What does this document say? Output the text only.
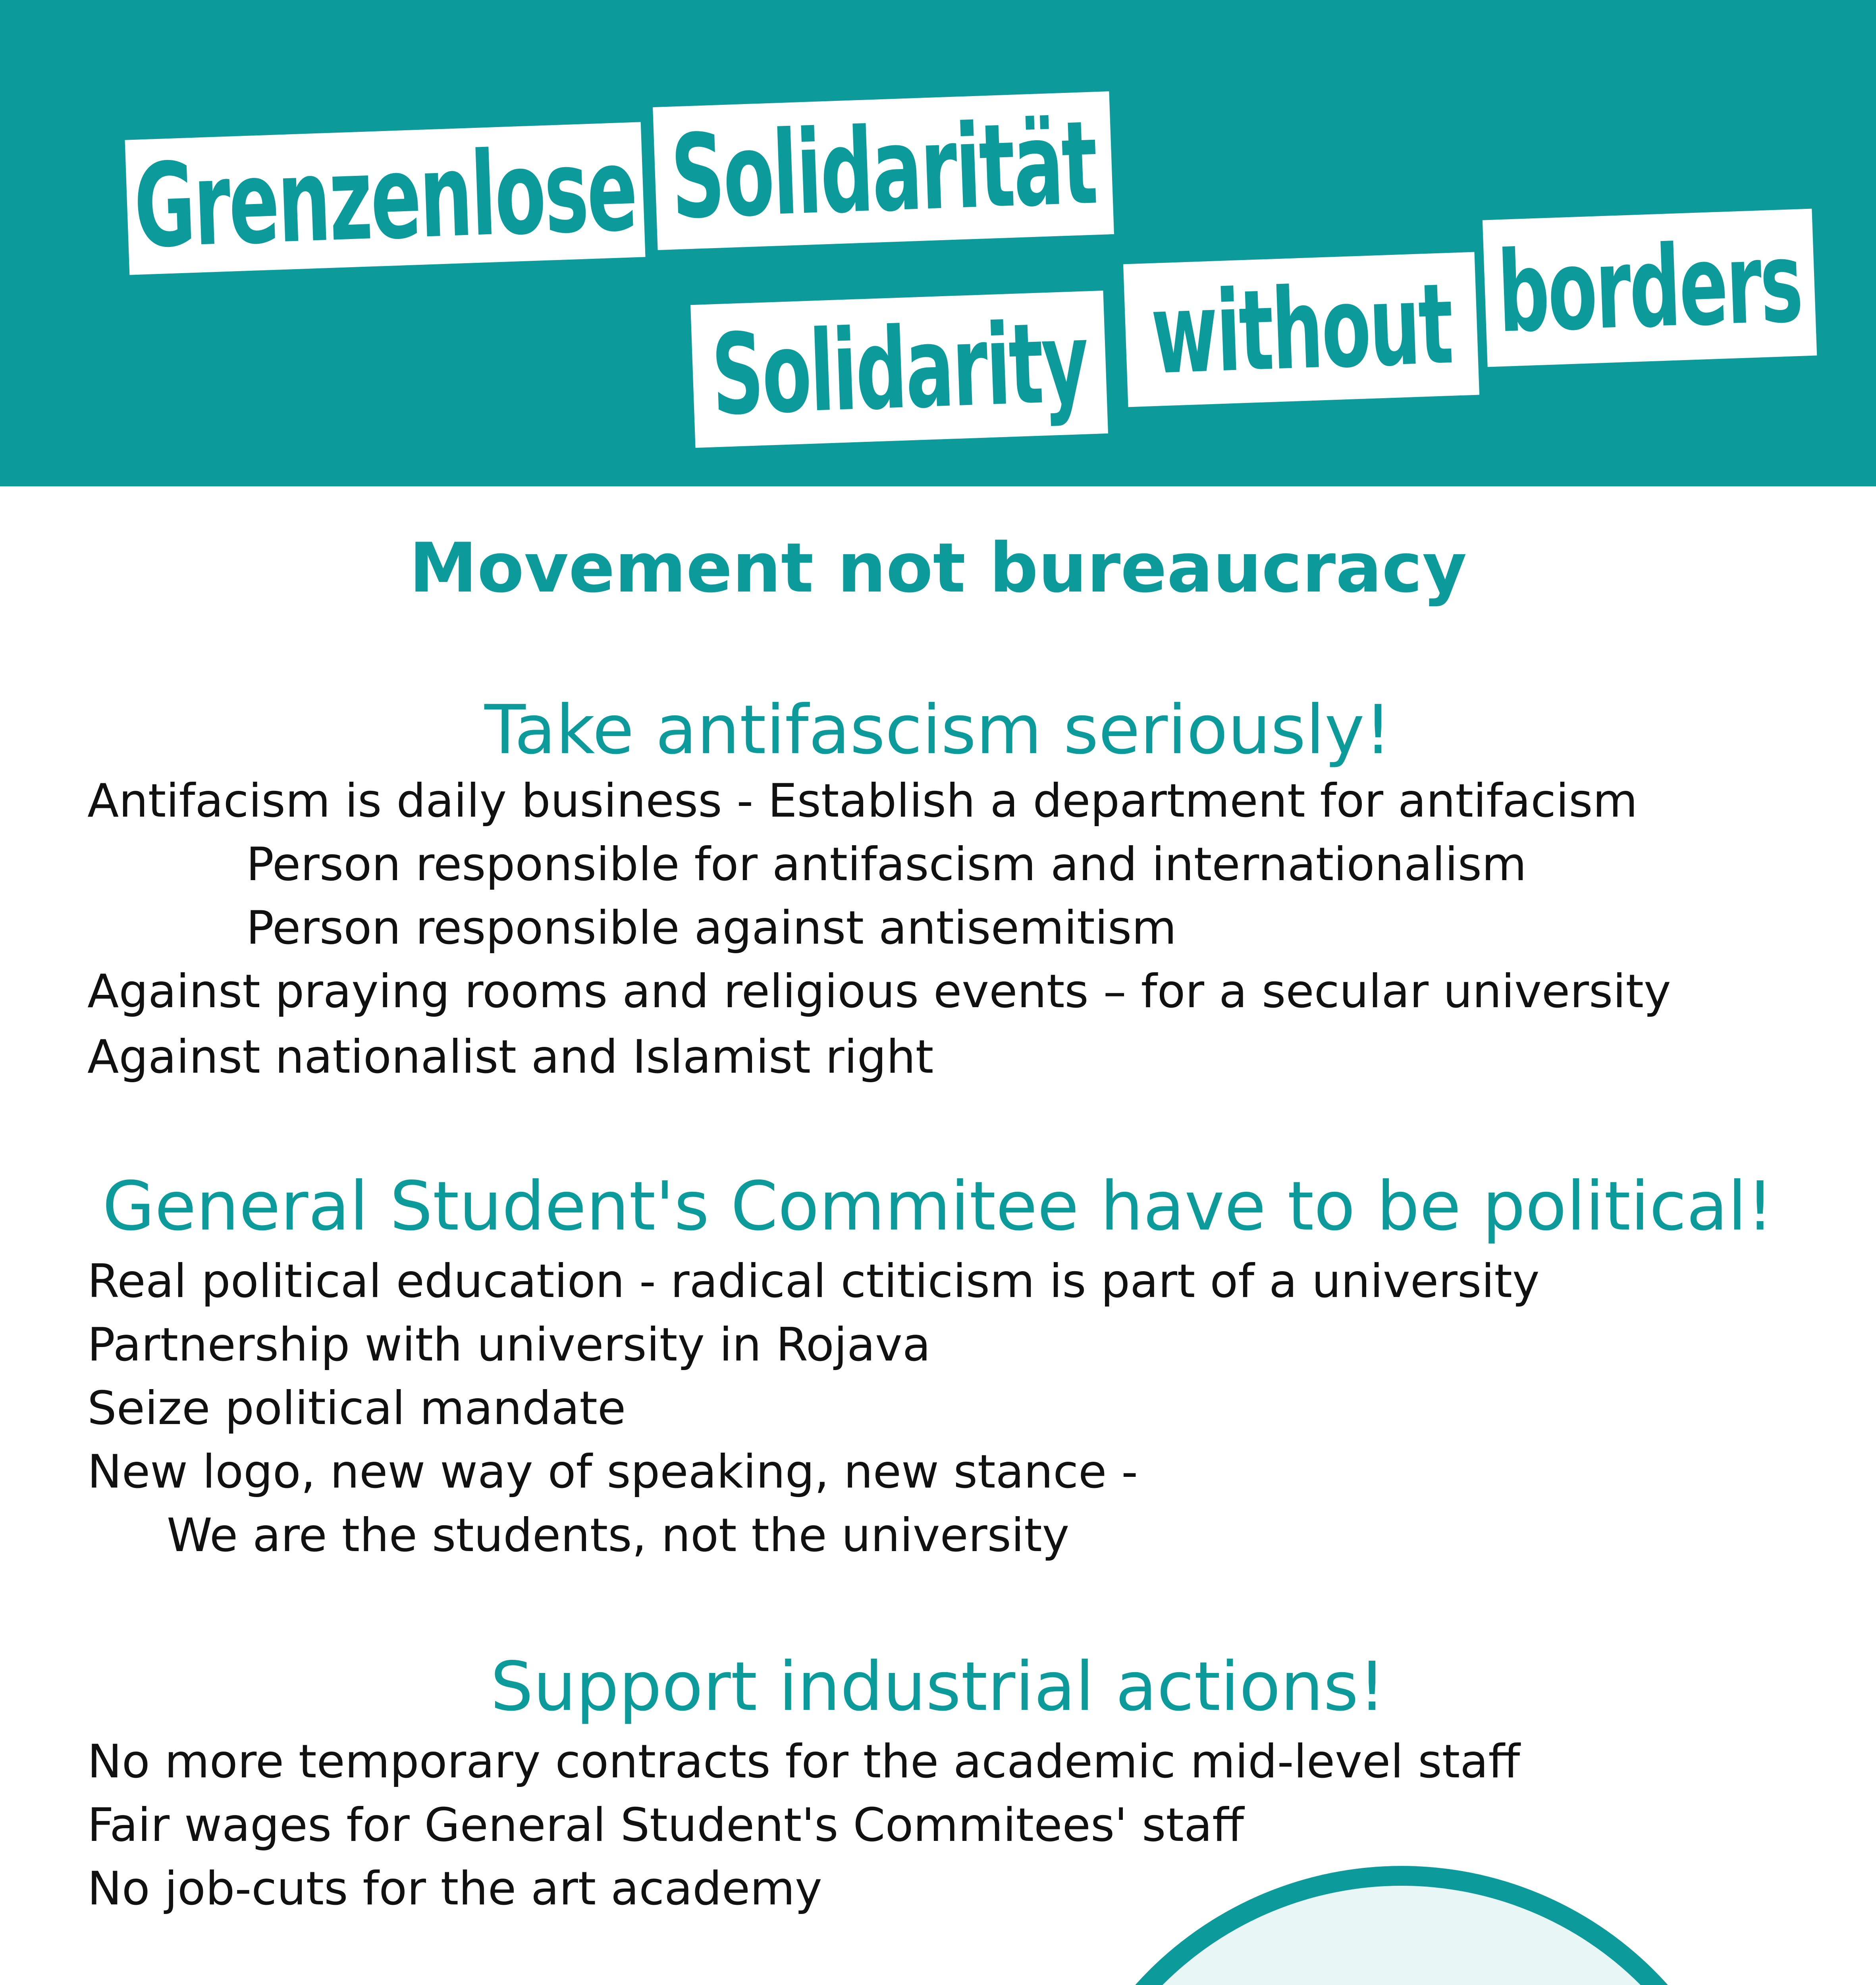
Grenzenlose Solidarität
Solidarity without borders
Movement not bureaucracy
Take antifascism seriously!
Antifacism is daily business - Establish a department for antifacism
Person responsible for antifascism and internationalism
Person responsible against antisemitism
Against praying rooms and religious events – for a secular university
Against nationalist and Islamist right
General Student's Commitee have to be political!
Real political education - radical ctiticism is part of a university
Partnership with university in Rojava
Seize political mandate
New logo, new way of speaking, new stance -
We are the students, not the university
Support industrial actions!
No more temporary contracts for the academic mid-level staff
Fair wages for General Student's Commitees' staff
No job-cuts for the art academy
